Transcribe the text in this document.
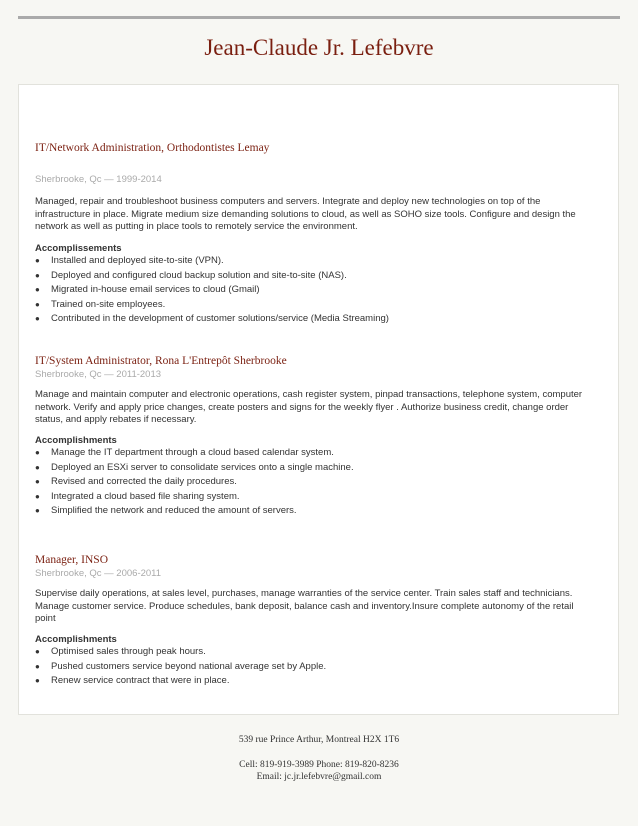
Jean-Claude Jr. Lefebvre
IT/Network Administration, Orthodontistes Lemay
Sherbrooke, Qc — 1999-2014
Managed, repair and troubleshoot business computers and servers. Integrate and deploy new technologies on top of the infrastructure in place. Migrate medium size demanding solutions to cloud, as well as SOHO size tools. Configure and design the network as well as putting in place tools to remotely service the environment.
Accomplissements
●	Installed and deployed site-to-site (VPN).
●	Deployed and configured cloud backup solution and site-to-site (NAS).
●	Migrated in-house email services to cloud (Gmail)
●	Trained on-site employees.
●	Contributed in the development of customer solutions/service (Media Streaming)
IT/System Administrator, Rona L'Entrepôt Sherbrooke
Sherbrooke, Qc — 2011-2013
Manage and maintain computer and electronic operations, cash register system, pinpad transactions, telephone system, computer network. Verify and apply price changes, create posters and signs for the weekly flyer . Authorize business credit, change order status, and apply rebates if necessary.
Accomplishments
●	Manage the IT department through a cloud based calendar system.
●	Deployed an ESXi server to consolidate services onto a single machine.
●	Revised and corrected the daily procedures.
●	Integrated a cloud based file sharing system.
●	Simplified the network and reduced the amount of servers.
Manager, INSO
Sherbrooke, Qc — 2006-2011
Supervise daily operations, at sales level, purchases, manage warranties of the service center. Train sales staff and technicians. Manage customer service. Produce schedules, bank deposit, balance cash and inventory.Insure complete autonomy of the retail point
Accomplishments
●	Optimised sales through peak hours.
●	Pushed customers service beyond national average set by Apple.
●	Renew service contract that were in place.
539 rue Prince Arthur, Montreal H2X 1T6
Cell: 819-919-3989 Phone: 819-820-8236
Email: jc.jr.lefebvre@gmail.com
